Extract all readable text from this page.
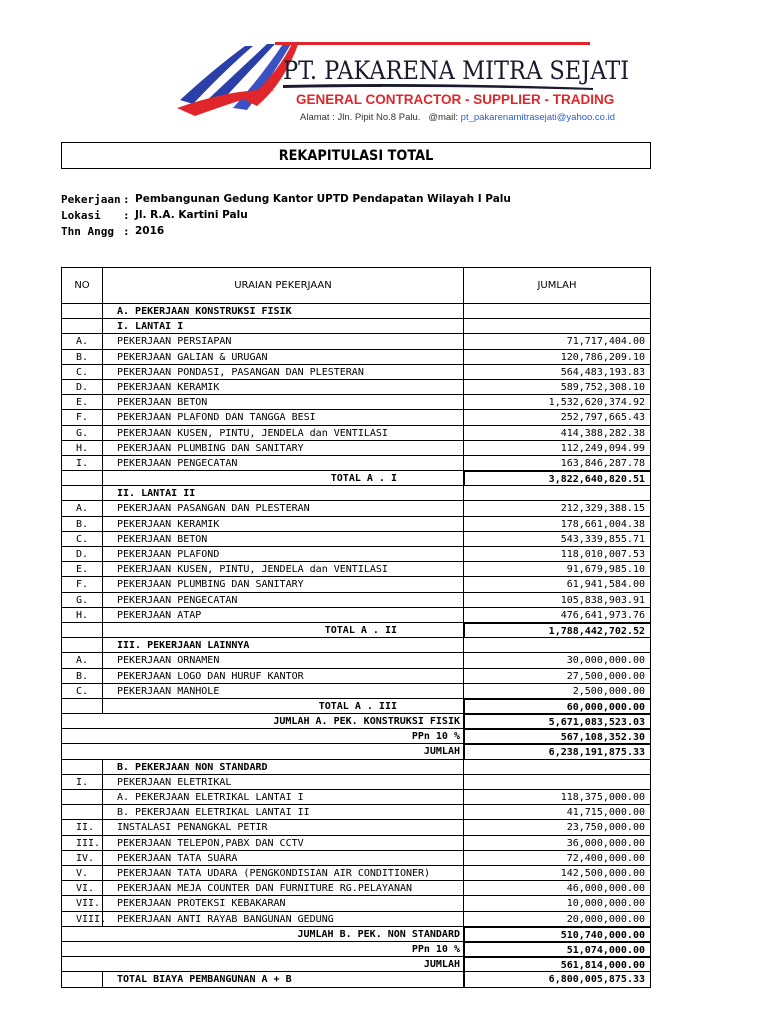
PT. PAKARENA MITRA SEJATI
GENERAL CONTRACTOR - SUPPLIER - TRADING
Alamat : Jln. Pipit No.8 Palu. @mail: pt_pakarenamitrasejati@yahoo.co.id
REKAPITULASI TOTAL
Pekerjaan : Pembangunan Gedung Kantor UPTD Pendapatan Wilayah I Palu
Lokasi	: Jl. R.A. Kartini Palu
Thn Angg : 2016
NO	URAIAN PEKERJAAN	JUMLAH
A. PEKERJAAN KONSTRUKSI FISIK
I. LANTAI I
A.	PEKERJAAN PERSIAPAN	71,717,404.00
B.	PEKERJAAN GALIAN & URUGAN	120,786,209.10
C.	PEKERJAAN PONDASI, PASANGAN DAN PLESTERAN	564,483,193.83
D.	PEKERJAAN KERAMIK	589,752,308.10
E.	PEKERJAAN BETON	1,532,620,374.92
F.	PEKERJAAN PLAFOND DAN TANGGA BESI	252,797,665.43
G.	PEKERJAAN KUSEN, PINTU, JENDELA dan VENTILASI	414,388,282.38
H.	PEKERJAAN PLUMBING DAN SANITARY	112,249,094.99
I.	PEKERJAAN PENGECATAN	163,846,287.78
TOTAL A . I	3,822,640,820.51
II. LANTAI II
A.	PEKERJAAN PASANGAN DAN PLESTERAN	212,329,388.15
B.	PEKERJAAN KERAMIK	178,661,004.38
C.	PEKERJAAN BETON	543,339,855.71
D.	PEKERJAAN PLAFOND	118,010,007.53
E.	PEKERJAAN KUSEN, PINTU, JENDELA dan VENTILASI	91,679,985.10
F.	PEKERJAAN PLUMBING DAN SANITARY	61,941,584.00
G.	PEKERJAAN PENGECATAN	105,838,903.91
H.	PEKERJAAN ATAP	476,641,973.76
TOTAL A . II	1,788,442,702.52
III. PEKERJAAN LAINNYA
A.	PEKERJAAN ORNAMEN	30,000,000.00
B.	PEKERJAAN LOGO DAN HURUF KANTOR	27,500,000.00
C.	PEKERJAAN MANHOLE	2,500,000.00
TOTAL A . III	60,000,000.00
JUMLAH A. PEK. KONSTRUKSI FISIK	5,671,083,523.03
PPn 10 %	567,108,352.30
JUMLAH	6,238,191,875.33
B. PEKERJAAN NON STANDARD
I.	PEKERJAAN ELETRIKAL
A. PEKERJAAN ELETRIKAL LANTAI I	118,375,000.00
B. PEKERJAAN ELETRIKAL LANTAI II	41,715,000.00
II.	INSTALASI PENANGKAL PETIR	23,750,000.00
III.	PEKERJAAN TELEPON,PABX DAN CCTV	36,000,000.00
IV.	PEKERJAAN TATA SUARA	72,400,000.00
V.	PEKERJAAN TATA UDARA (PENGKONDISIAN AIR CONDITIONER)	142,500,000.00
VI.	PEKERJAAN MEJA COUNTER DAN FURNITURE RG.PELAYANAN	46,000,000.00
VII.	PEKERJAAN PROTEKSI KEBAKARAN	10,000,000.00
VIII.	PEKERJAAN ANTI RAYAB BANGUNAN GEDUNG	20,000,000.00
JUMLAH B. PEK. NON STANDARD	510,740,000.00
PPn 10 %	51,074,000.00
JUMLAH	561,814,000.00
TOTAL BIAYA PEMBANGUNAN A + B	6,800,005,875.33
